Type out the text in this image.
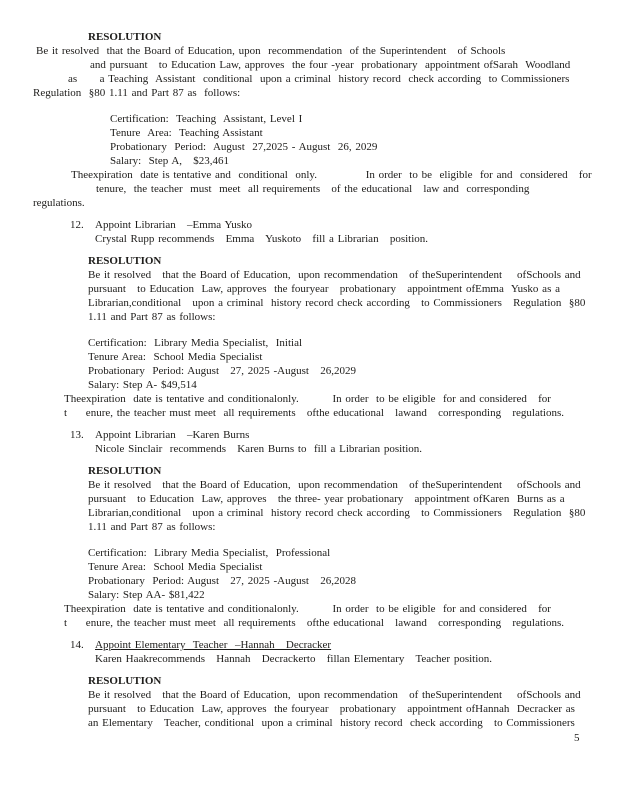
RESOLUTION
Be it resolved  that the Board of Education, upon  recommendation  of the Superintendent   of Schools
and pursuant   to Education Law, approves  the four -year  probationary  appointment ofSarah  Woodland
as      a Teaching  Assistant  conditional  upon a criminal  history record  check according  to Commissioners
Regulation  §80 1.11 and Part 87 as  follows:
Certification:  Teaching  Assistant, Level I
Tenure  Area:  Teaching Assistant
Probationary  Period:  August  27,2025 - August  26, 2029
Salary:  Step A,   $23,461
Theexpiration  date is tentative and  conditional  only.             In order  to be  eligible  for and  considered   for
tenure,  the teacher  must  meet  all requirements   of the educational   law and  corresponding
regulations.
12. Appoint Librarian   –Emma Yusko
Crystal Rupp recommends   Emma   Yuskoto   fill a Librarian   position.
RESOLUTION
Be it resolved   that the Board of Education,  upon recommendation   of theSuperintendent    ofSchools and
pursuant   to Education  Law, approves  the fouryear   probationary   appointment ofEmma  Yusko as a
Librarian,conditional   upon a criminal  history record check according   to Commissioners   Regulation  §80
1.11 and Part 87 as follows:
Certification:  Library Media Specialist,  Initial
Tenure Area:  School Media Specialist
Probationary  Period: August   27, 2025 -August   26,2029
Salary: Step A- $49,514
Theexpiration  date is tentative and conditionalonly.         In order  to be eligible  for and considered   for
t     enure, the teacher must meet  all requirements   ofthe educational   lawand   corresponding   regulations.
13. Appoint Librarian   –Karen Burns
Nicole Sinclair  recommends   Karen Burns to  fill a Librarian position.
RESOLUTION
Be it resolved   that the Board of Education,  upon recommendation   of theSuperintendent    ofSchools and
pursuant   to Education  Law, approves   the three- year probationary   appointment ofKaren  Burns as a
Librarian,conditional   upon a criminal  history record check according   to Commissioners   Regulation  §80
1.11 and Part 87 as follows:
Certification:  Library Media Specialist,  Professional
Tenure Area:  School Media Specialist
Probationary  Period: August   27, 2025 -August   26,2028
Salary: Step AA- $81,422
Theexpiration  date is tentative and conditionalonly.         In order  to be eligible  for and considered   for
t     enure, the teacher must meet  all requirements   ofthe educational   lawand   corresponding   regulations.
14. Appoint Elementary  Teacher  –Hannah   Decracker
Karen Haakrecommends   Hannah   Decrackerto   fillan Elementary   Teacher position.
RESOLUTION
Be it resolved   that the Board of Education,  upon recommendation   of theSuperintendent    ofSchools and
pursuant   to Education  Law, approves  the fouryear   probationary   appointment ofHannah  Decracker as
an Elementary   Teacher, conditional  upon a criminal  history record  check according   to Commissioners
5
